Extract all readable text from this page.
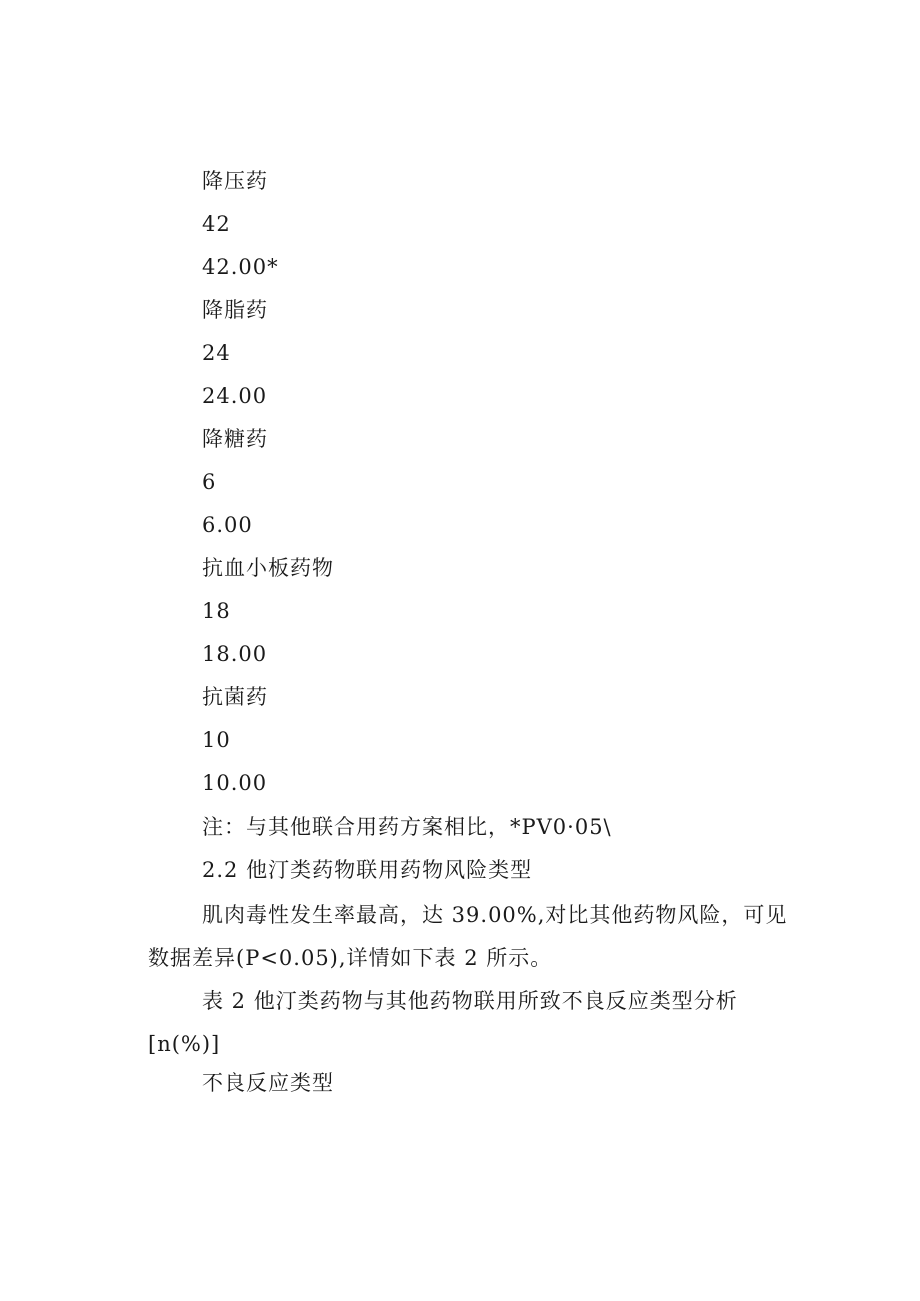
降压药
42
42.00*
降脂药
24
24.00
降糖药
6
6.00
抗血小板药物
18
18.00
抗菌药
10
10.00
注：与其他联合用药方案相比，*PV0·05\
2.2 他汀类药物联用药物风险类型
肌肉毒性发生率最高，达 39.00%,对比其他药物风险，可见数据差异(P<0.05),详情如下表 2 所示。
表 2 他汀类药物与其他药物联用所致不良反应类型分析[n(%)]
不良反应类型
